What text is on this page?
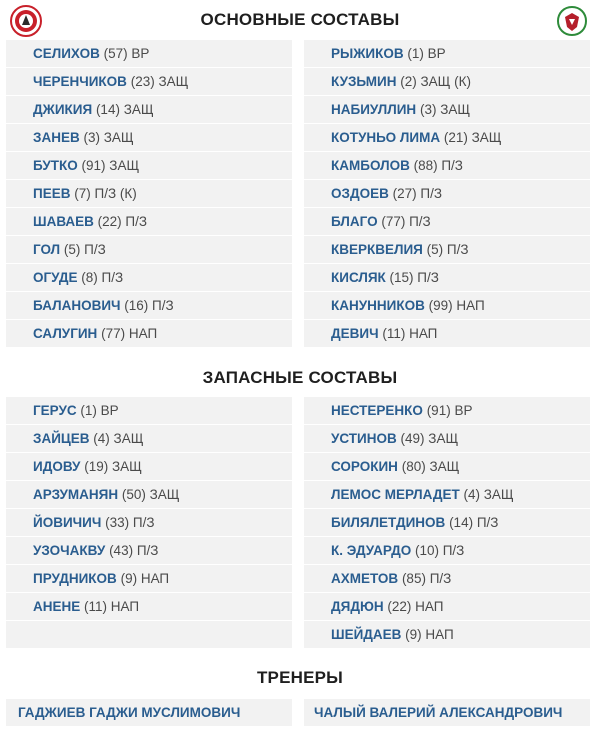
ОСНОВНЫЕ СОСТАВЫ
ЗАПАСНЫЕ СОСТАВЫ
ТРЕНЕРЫ
СЕЛИХОВ (57) ВР
ЧЕРЕНЧИКОВ (23) ЗАЩ
ДЖИКИЯ (14) ЗАЩ
ЗАНЕВ (3) ЗАЩ
БУТКО (91) ЗАЩ
ПЕЕВ (7) П/З (К)
ШАВАЕВ (22) П/З
ГОЛ (5) П/З
ОГУДЕ (8) П/З
БАЛАНОВИЧ (16) П/З
САЛУГИН (77) НАП
РЫЖИКОВ (1) ВР
КУЗЬМИН (2) ЗАЩ (К)
НАБИУЛЛИН (3) ЗАЩ
КОТУНЬО ЛИМА (21) ЗАЩ
КАМБОЛОВ (88) П/З
ОЗДОЕВ (27) П/З
БЛАГО (77) П/З
КВЕРКВЕЛИЯ (5) П/З
КИСЛЯК (15) П/З
КАНУННИКОВ (99) НАП
ДЕВИЧ (11) НАП
ГЕРУС (1) ВР
ЗАЙЦЕВ (4) ЗАЩ
ИДОВУ (19) ЗАЩ
АРЗУМАНЯН (50) ЗАЩ
ЙОВИЧИЧ (33) П/З
УЗОЧАКВУ (43) П/З
ПРУДНИКОВ (9) НАП
АНЕНЕ (11) НАП
НЕСТЕРЕНКО (91) ВР
УСТИНОВ (49) ЗАЩ
СОРОКИН (80) ЗАЩ
ЛЕМОС МЕРЛАДЕТ (4) ЗАЩ
БИЛЯЛЕТДИНОВ (14) П/З
К. ЭДУАРДО (10) П/З
АХМЕТОВ (85) П/З
ДЯДЮН (22) НАП
ШЕЙДАЕВ (9) НАП
ГАДЖИЕВ ГАДЖИ МУСЛИМОВИЧ	ЧАЛЫЙ ВАЛЕРИЙ АЛЕКСАНДРОВИЧ
